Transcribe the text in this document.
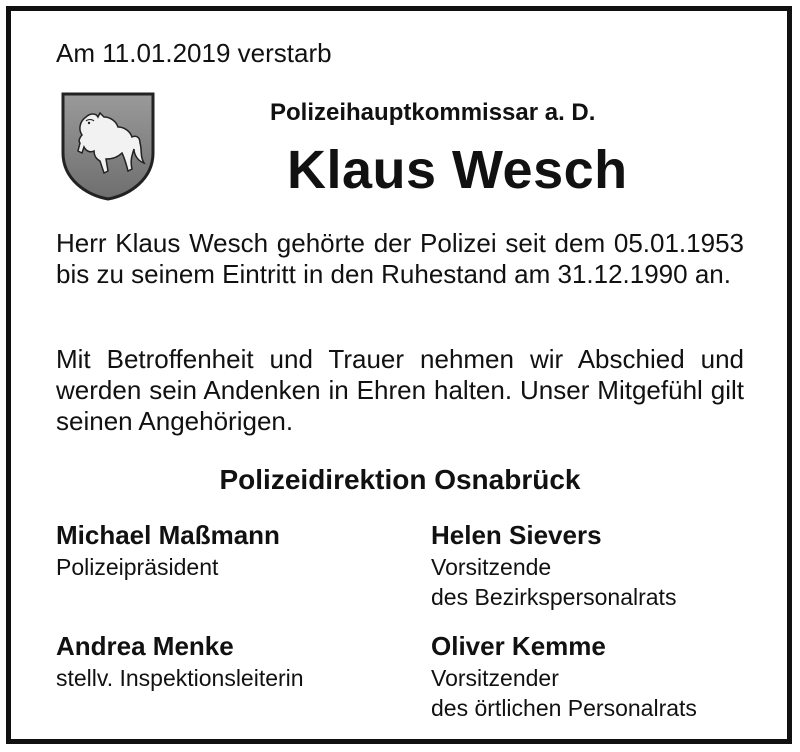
Am 11.01.2019 verstarb
Polizeihauptkommissar a. D.
Klaus Wesch
Herr Klaus Wesch gehörte der Polizei seit dem 05.01.1953 bis zu seinem Eintritt in den Ruhestand am 31.12.1990 an.
Mit Betroffenheit und Trauer nehmen wir Abschied und werden sein Andenken in Ehren halten. Unser Mitgefühl gilt seinen Angehörigen.
Polizeidirektion Osnabrück
Michael Maßmann
Polizeipräsident
Helen Sievers
Vorsitzende
des Bezirkspersonalrats
Andrea Menke
stellv. Inspektionsleiterin
Oliver Kemme
Vorsitzender
des örtlichen Personalrats
